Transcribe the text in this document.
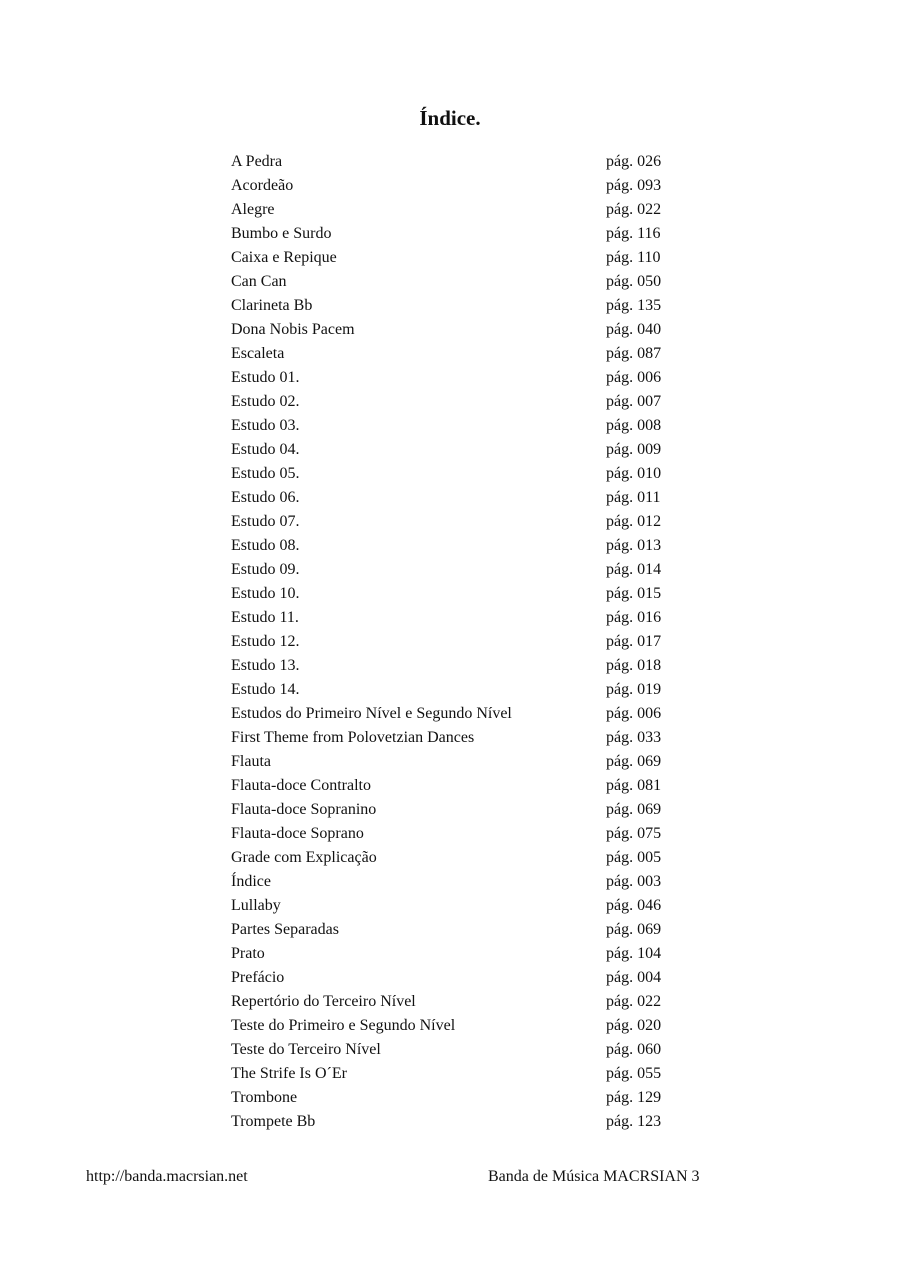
Índice.
A Pedra	pág. 026
Acordeão	pág. 093
Alegre	pág. 022
Bumbo e Surdo	pág. 116
Caixa e Repique	pág. 110
Can Can	pág. 050
Clarineta Bb	pág. 135
Dona Nobis Pacem	pág. 040
Escaleta	pág. 087
Estudo 01.	pág. 006
Estudo 02.	pág. 007
Estudo 03.	pág. 008
Estudo 04.	pág. 009
Estudo 05.	pág. 010
Estudo 06.	pág. 011
Estudo 07.	pág. 012
Estudo 08.	pág. 013
Estudo 09.	pág. 014
Estudo 10.	pág. 015
Estudo 11.	pág. 016
Estudo 12.	pág. 017
Estudo 13.	pág. 018
Estudo 14.	pág. 019
Estudos do Primeiro Nível e Segundo Nível	pág. 006
First Theme from Polovetzian Dances	pág. 033
Flauta	pág. 069
Flauta-doce Contralto	pág. 081
Flauta-doce Sopranino	pág. 069
Flauta-doce Soprano	pág. 075
Grade com Explicação	pág. 005
Índice	pág. 003
Lullaby	pág. 046
Partes Separadas	pág. 069
Prato	pág. 104
Prefácio	pág. 004
Repertório do Terceiro Nível	pág. 022
Teste do Primeiro e Segundo Nível	pág. 020
Teste do Terceiro Nível	pág. 060
The Strife Is O´Er	pág. 055
Trombone	pág. 129
Trompete Bb	pág. 123
http://banda.macrsian.net	Banda de Música MACRSIAN 3
